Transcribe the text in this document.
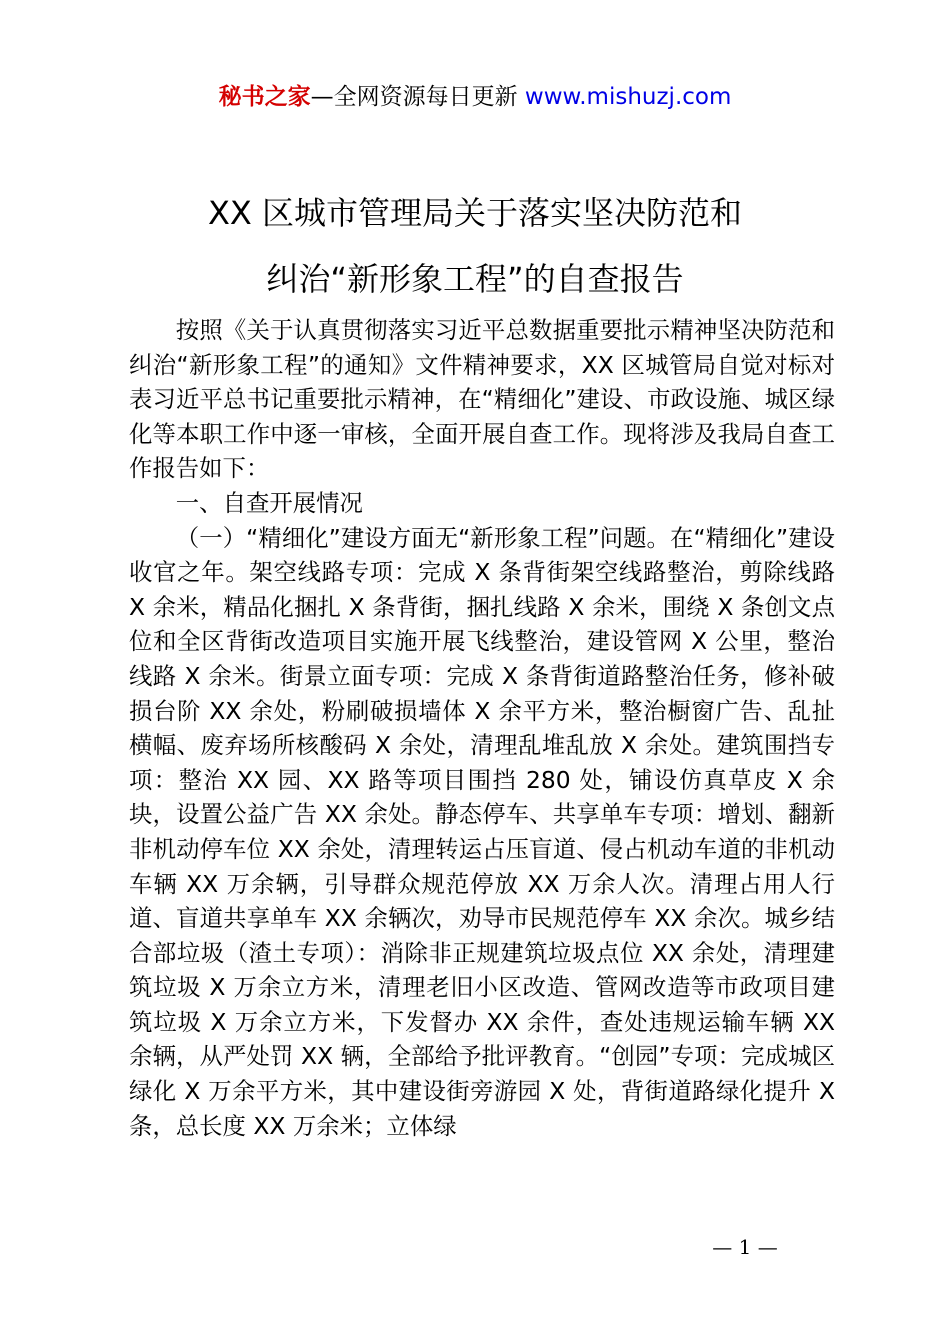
秘书之家—全网资源每日更新 www.mishuzj.com
XX 区城市管理局关于落实坚决防范和
纠治“新形象工程”的自查报告

按照《关于认真贯彻落实习近平总数据重要批示精神坚决防范和纠治“新形象工程”的通知》文件精神要求，XX 区城管局自觉对标对表习近平总书记重要批示精神，在“精细化”建设、市政设施、城区绿化等本职工作中逐一审核，全面开展自查工作。现将涉及我局自查工作报告如下：

一、自查开展情况

（一）“精细化”建设方面无“新形象工程”问题。在“精细化”建设收官之年。架空线路专项：完成 X 条背街架空线路整治，剪除线路 X 余米，精品化捆扎 X 条背街，捆扎线路 X 余米，围绕 X 条创文点位和全区背街改造项目实施开展飞线整治，建设管网 X 公里，整治线路 X 余米。街景立面专项：完成 X 条背街道路整治任务，修补破损台阶 XX 余处，粉刷破损墙体 X 余平方米，整治橱窗广告、乱扯横幅、废弃场所核酸码 X 余处，清理乱堆乱放 X 余处。建筑围挡专项：整治 XX 园、XX 路等项目围挡 280 处，铺设仿真草皮 X 余块，设置公益广告 XX 余处。静态停车、共享单车专项：增划、翻新非机动停车位 XX 余处，清理转运占压盲道、侵占机动车道的非机动车辆 XX 万余辆，引导群众规范停放 XX 万余人次。清理占用人行道、盲道共享单车 XX 余辆次，劝导市民规范停车 XX 余次。城乡结合部垃圾（渣土专项）：消除非正规建筑垃圾点位 XX 余处，清理建筑垃圾 X 万余立方米，清理老旧小区改造、管网改造等市政项目建筑垃圾 X 万余立方米，下发督办 XX 余件，查处违规运输车辆 XX 余辆，从严处罚 XX 辆，全部给予批评教育。“创园”专项：完成城区绿化 X 万余平方米，其中建设街旁游园 X 处，背街道路绿化提升 X 条，总长度 XX 万余米；立体绿

— 1 —
